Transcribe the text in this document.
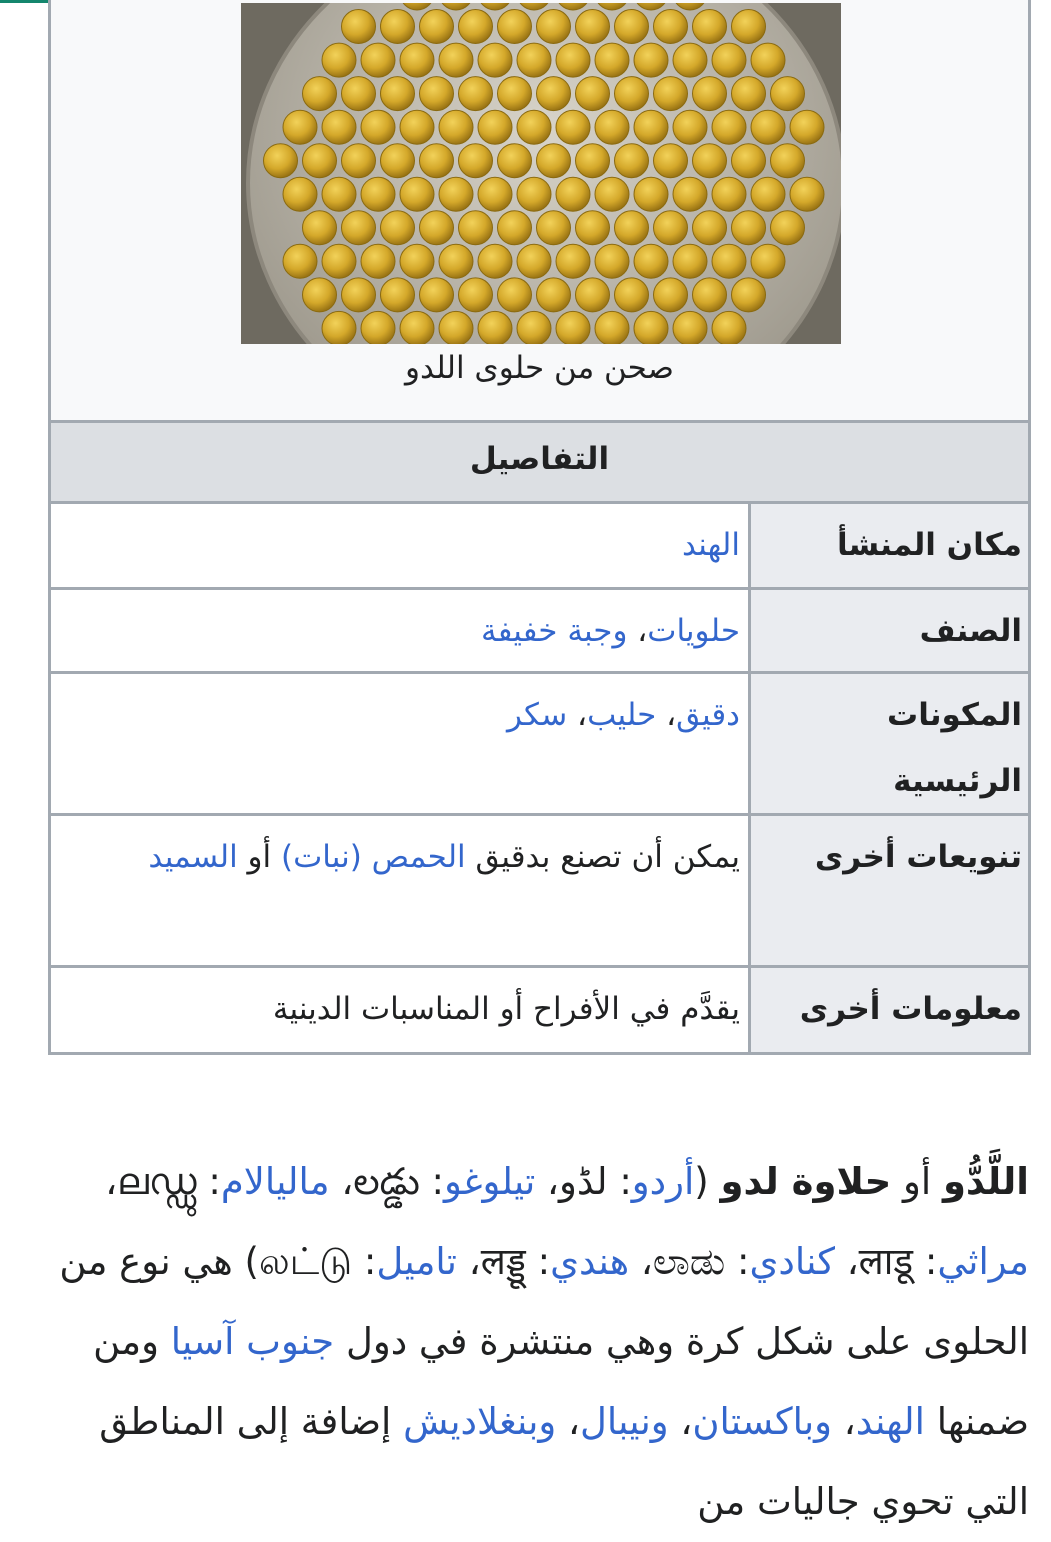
صحن من حلوى اللدو
التفاصيل
مكان المنشأ
الهند
الصنف
حلويات، وجبة خفيفة
المكونات الرئيسية
دقيق، حليب، سكر
تنويعات أخرى
يمكن أن تصنع بدقيق الحمص (نبات) أو السميد
معلومات أخرى
يقدَّم في الأفراح أو المناسبات الدينية
اللَّدُّو أو حلاوة لدو (أردو: لڈو، تيلوغو: లడ్డు، ماليالام: ലഡ്ഡു، مراثي: लाडू، كنادي: ಲಾಡು، هندي: लड्डू، تاميل: லட்டு) هي نوع من الحلوى على شكل كرة وهي منتشرة في دول جنوب آسيا ومن ضمنها الهند، وباكستان، ونيبال، وبنغلاديش إضافة إلى المناطق التي تحوي جاليات من
